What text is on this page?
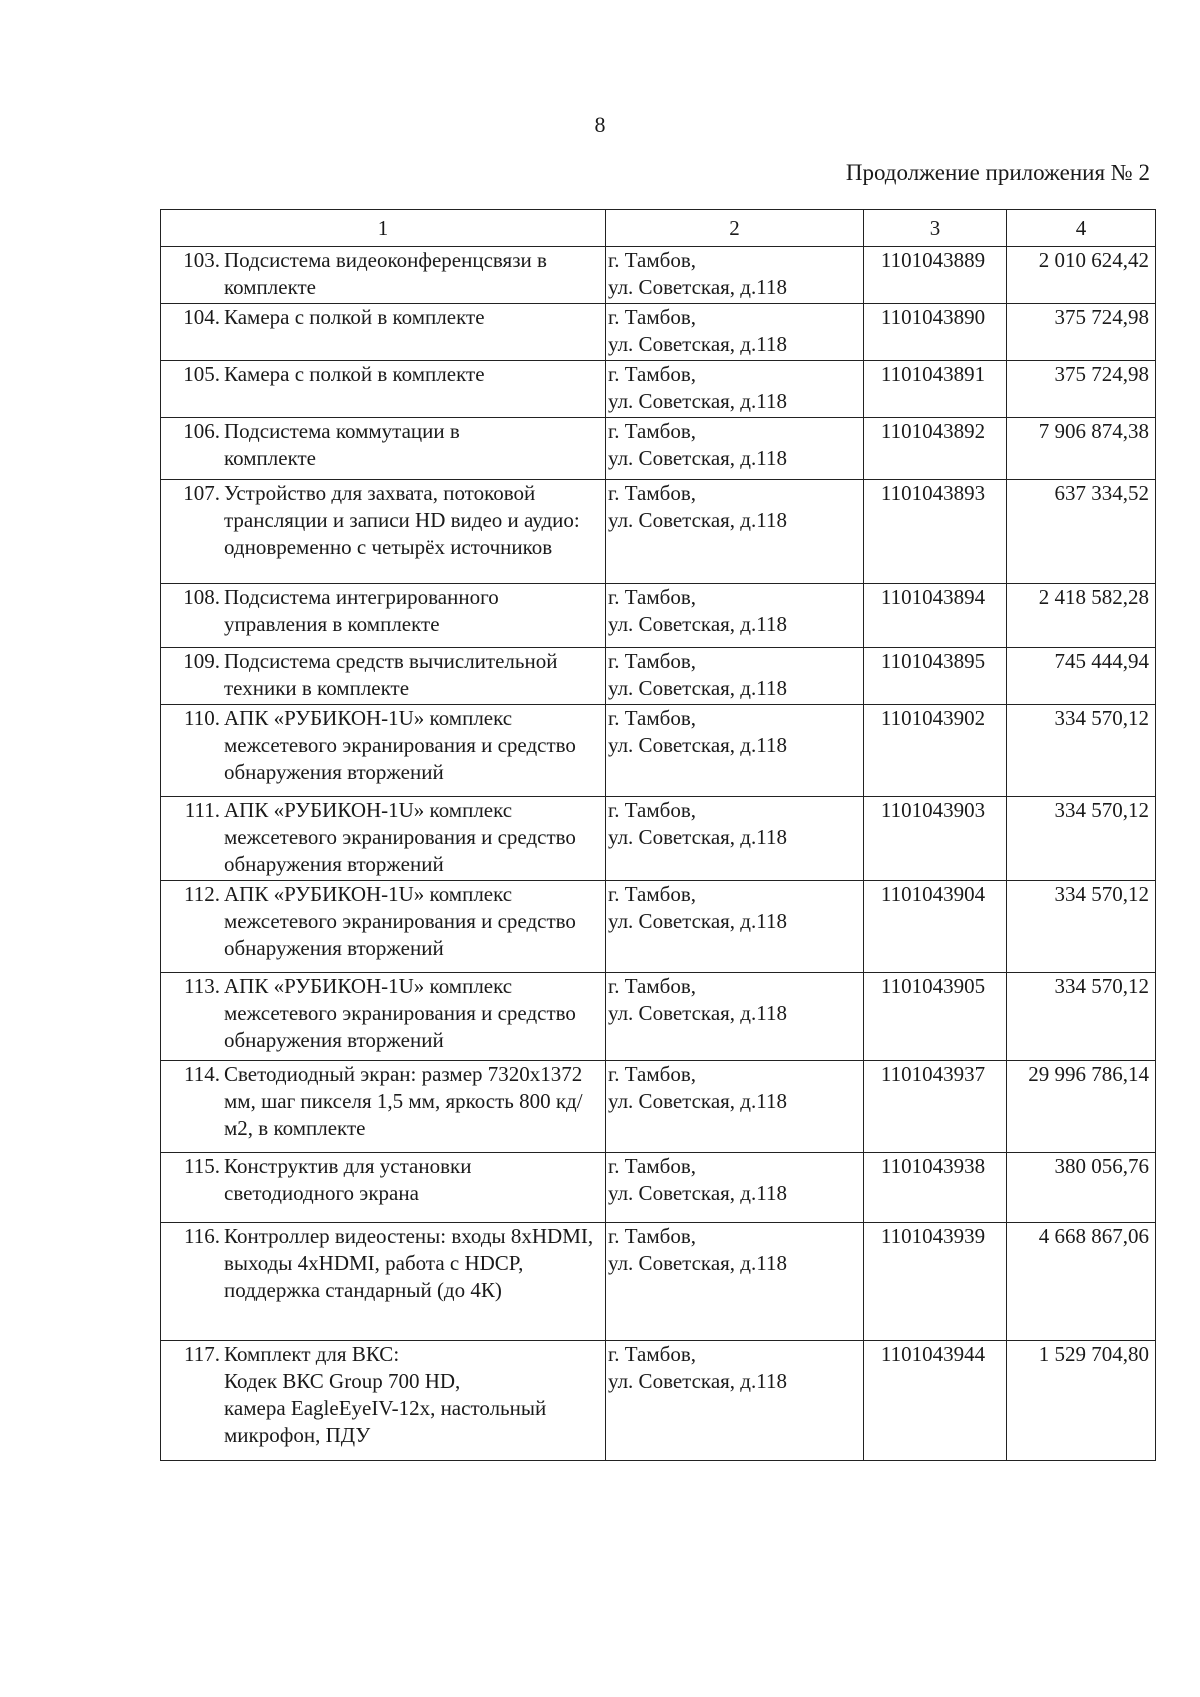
8
Продолжение приложения № 2
1	2	3	4

103. Подсистема видеоконференцсвязи в комплекте	г. Тамбов,
ул. Советская, д.118	1101043889	2 010 624,42

104. Камера с полкой в комплекте	г. Тамбов,
ул. Советская, д.118	1101043890	375 724,98

105. Камера с полкой в комплекте	г. Тамбов,
ул. Советская, д.118	1101043891	375 724,98

106. Подсистема коммутации в
комплекте	г. Тамбов,
ул. Советская, д.118	1101043892	7 906 874,38

107. Устройство для захвата, потоковой трансляции и записи HD видео и аудио: одновременно с четырёх источников	г. Тамбов,
ул. Советская, д.118	1101043893	637 334,52

108. Подсистема интегрированного управления в комплекте	г. Тамбов,
ул. Советская, д.118	1101043894	2 418 582,28

109. Подсистема средств вычислительной техники в комплекте	г. Тамбов,
ул. Советская, д.118	1101043895	745 444,94

110. АПК «РУБИКОН-1U» комплекс межсетевого экранирования и средство обнаружения вторжений	г. Тамбов,
ул. Советская, д.118	1101043902	334 570,12

111. АПК «РУБИКОН-1U» комплекс межсетевого экранирования и средство обнаружения вторжений	г. Тамбов,
ул. Советская, д.118	1101043903	334 570,12

112. АПК «РУБИКОН-1U» комплекс межсетевого экранирования и средство обнаружения вторжений	г. Тамбов,
ул. Советская, д.118	1101043904	334 570,12

113. АПК «РУБИКОН-1U» комплекс межсетевого экранирования и средство обнаружения вторжений	г. Тамбов,
ул. Советская, д.118	1101043905	334 570,12

114. Светодиодный экран: размер 7320x1372 мм, шаг пикселя 1,5 мм, яркость 800 кд/м2, в комплекте	г. Тамбов,
ул. Советская, д.118	1101043937	29 996 786,14

115. Конструктив для установки светодиодного экрана	г. Тамбов,
ул. Советская, д.118	1101043938	380 056,76

116. Контроллер видеостены: входы 8xHDMI, выходы 4xHDMI, работа с HDCP, поддержка стандарный (до 4К)	г. Тамбов,
ул. Советская, д.118	1101043939	4 668 867,06

117. Комплект для ВКС:
Кодек ВКС Group 700 HD,
камера EagleEyeIV-12x, настольный микрофон, ПДУ	г. Тамбов,
ул. Советская, д.118	1101043944	1 529 704,80
